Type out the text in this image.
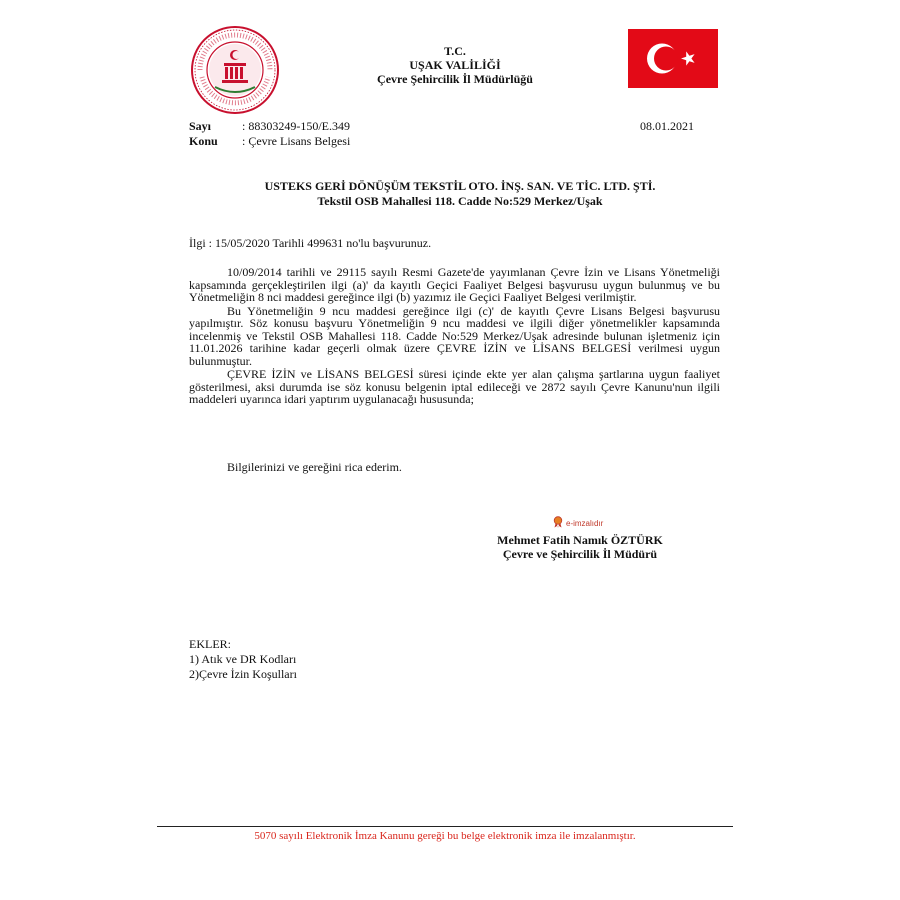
T.C.
UŞAK VALİLİĞİ
Çevre Şehircilik İl Müdürlüğü
Sayı	: 88303249-150/E.349
Konu	: Çevre Lisans Belgesi
08.01.2021
USTEKS GERİ DÖNÜŞÜM TEKSTİL OTO. İNŞ. SAN. VE TİC. LTD. ŞTİ.
Tekstil OSB Mahallesi 118. Cadde No:529 Merkez/Uşak
İlgi : 15/05/2020 Tarihli 499631 no'lu başvurunuz.

10/09/2014 tarihli ve 29115 sayılı Resmi Gazete'de yayımlanan Çevre İzin ve Lisans Yönetmeliği kapsamında gerçekleştirilen ilgi (a)' da kayıtlı Geçici Faaliyet Belgesi başvurusu uygun bulunmuş ve bu Yönetmeliğin 8 nci maddesi gereğince ilgi (b) yazımız ile Geçici Faaliyet Belgesi verilmiştir.

Bu Yönetmeliğin 9 ncu maddesi gereğince ilgi (c)' de kayıtlı Çevre Lisans Belgesi başvurusu yapılmıştır. Söz konusu başvuru Yönetmeliğin 9 ncu maddesi ve ilgili diğer yönetmelikler kapsamında incelenmiş ve Tekstil OSB Mahallesi 118. Cadde No:529 Merkez/Uşak adresinde bulunan işletmeniz için 11.01.2026 tarihine kadar geçerli olmak üzere ÇEVRE İZİN ve LİSANS BELGESİ verilmesi uygun bulunmuştur.

ÇEVRE İZİN ve LİSANS BELGESİ süresi içinde ekte yer alan çalışma şartlarına uygun faaliyet gösterilmesi, aksi durumda ise söz konusu belgenin iptal edileceği ve 2872 sayılı Çevre Kanunu'nun ilgili maddeleri uyarınca idari yaptırım uygulanacağı hususunda;

Bilgilerinizi ve gereğini rica ederim.
e-imzalıdır
Mehmet Fatih Namık ÖZTÜRK
Çevre ve Şehircilik İl Müdürü
EKLER:
1) Atık ve DR Kodları
2)Çevre İzin Koşulları
5070 sayılı Elektronik İmza Kanunu gereği bu belge elektronik imza ile imzalanmıştır.
